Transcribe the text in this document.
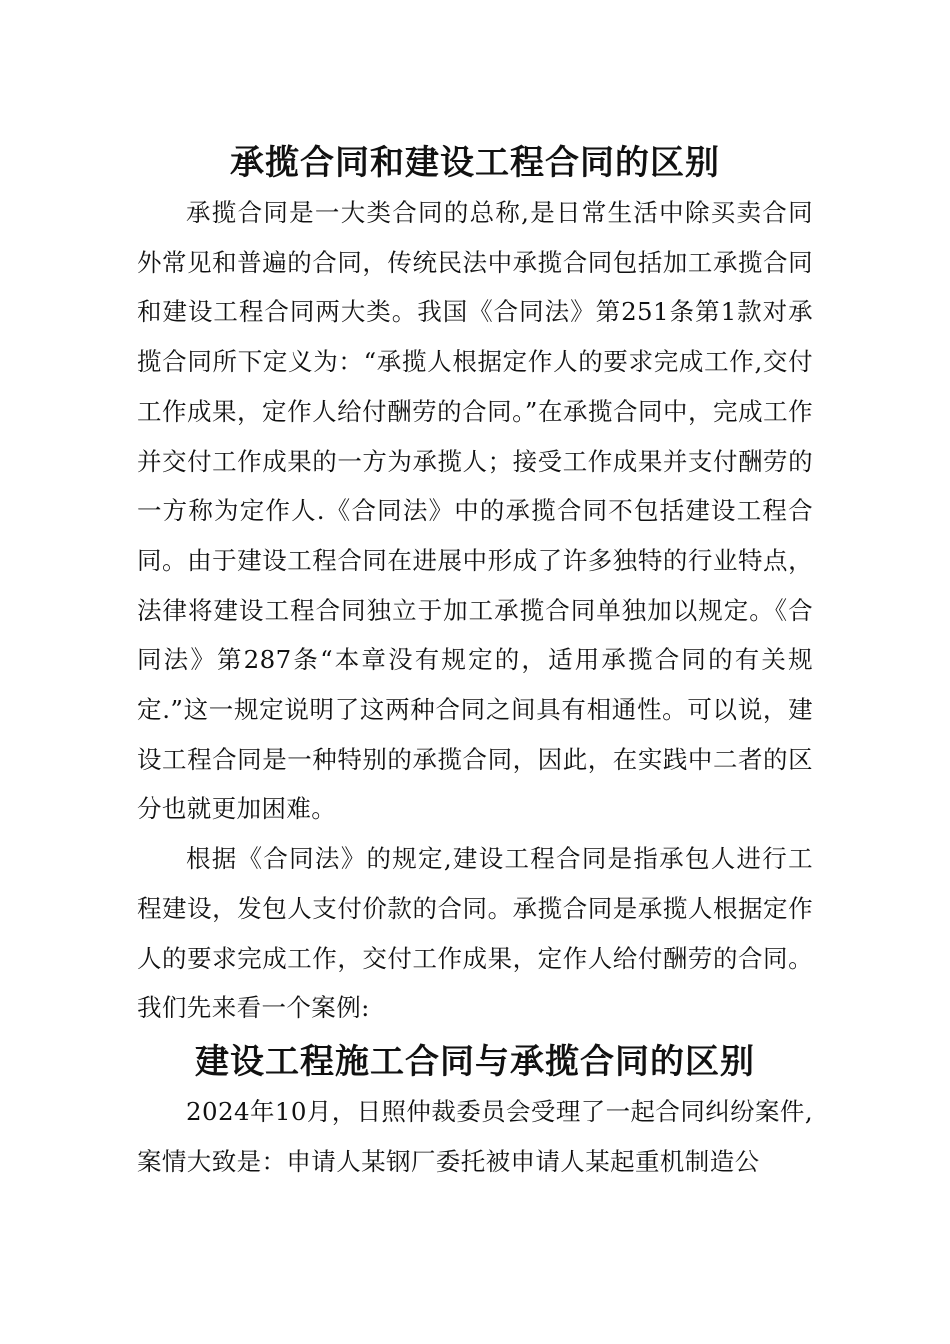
承揽合同和建设工程合同的区别

承揽合同是一大类合同的总称,是日常生活中除买卖合同外常见和普遍的合同，传统民法中承揽合同包括加工承揽合同和建设工程合同两大类。我国《合同法》第251条第1款对承揽合同所下定义为：“承揽人根据定作人的要求完成工作,交付工作成果，定作人给付酬劳的合同。”在承揽合同中，完成工作并交付工作成果的一方为承揽人；接受工作成果并支付酬劳的一方称为定作人.《合同法》中的承揽合同不包括建设工程合同。由于建设工程合同在进展中形成了许多独特的行业特点，法律将建设工程合同独立于加工承揽合同单独加以规定。《合同法》第287条“本章没有规定的，适用承揽合同的有关规定.”这一规定说明了这两种合同之间具有相通性。可以说，建设工程合同是一种特别的承揽合同，因此，在实践中二者的区分也就更加困难。

根据《合同法》的规定,建设工程合同是指承包人进行工程建设，发包人支付价款的合同。承揽合同是承揽人根据定作人的要求完成工作，交付工作成果，定作人给付酬劳的合同。我们先来看一个案例:

建设工程施工合同与承揽合同的区别

2024年10月，日照仲裁委员会受理了一起合同纠纷案件,案情大致是：申请人某钢厂委托被申请人某起重机制造公
